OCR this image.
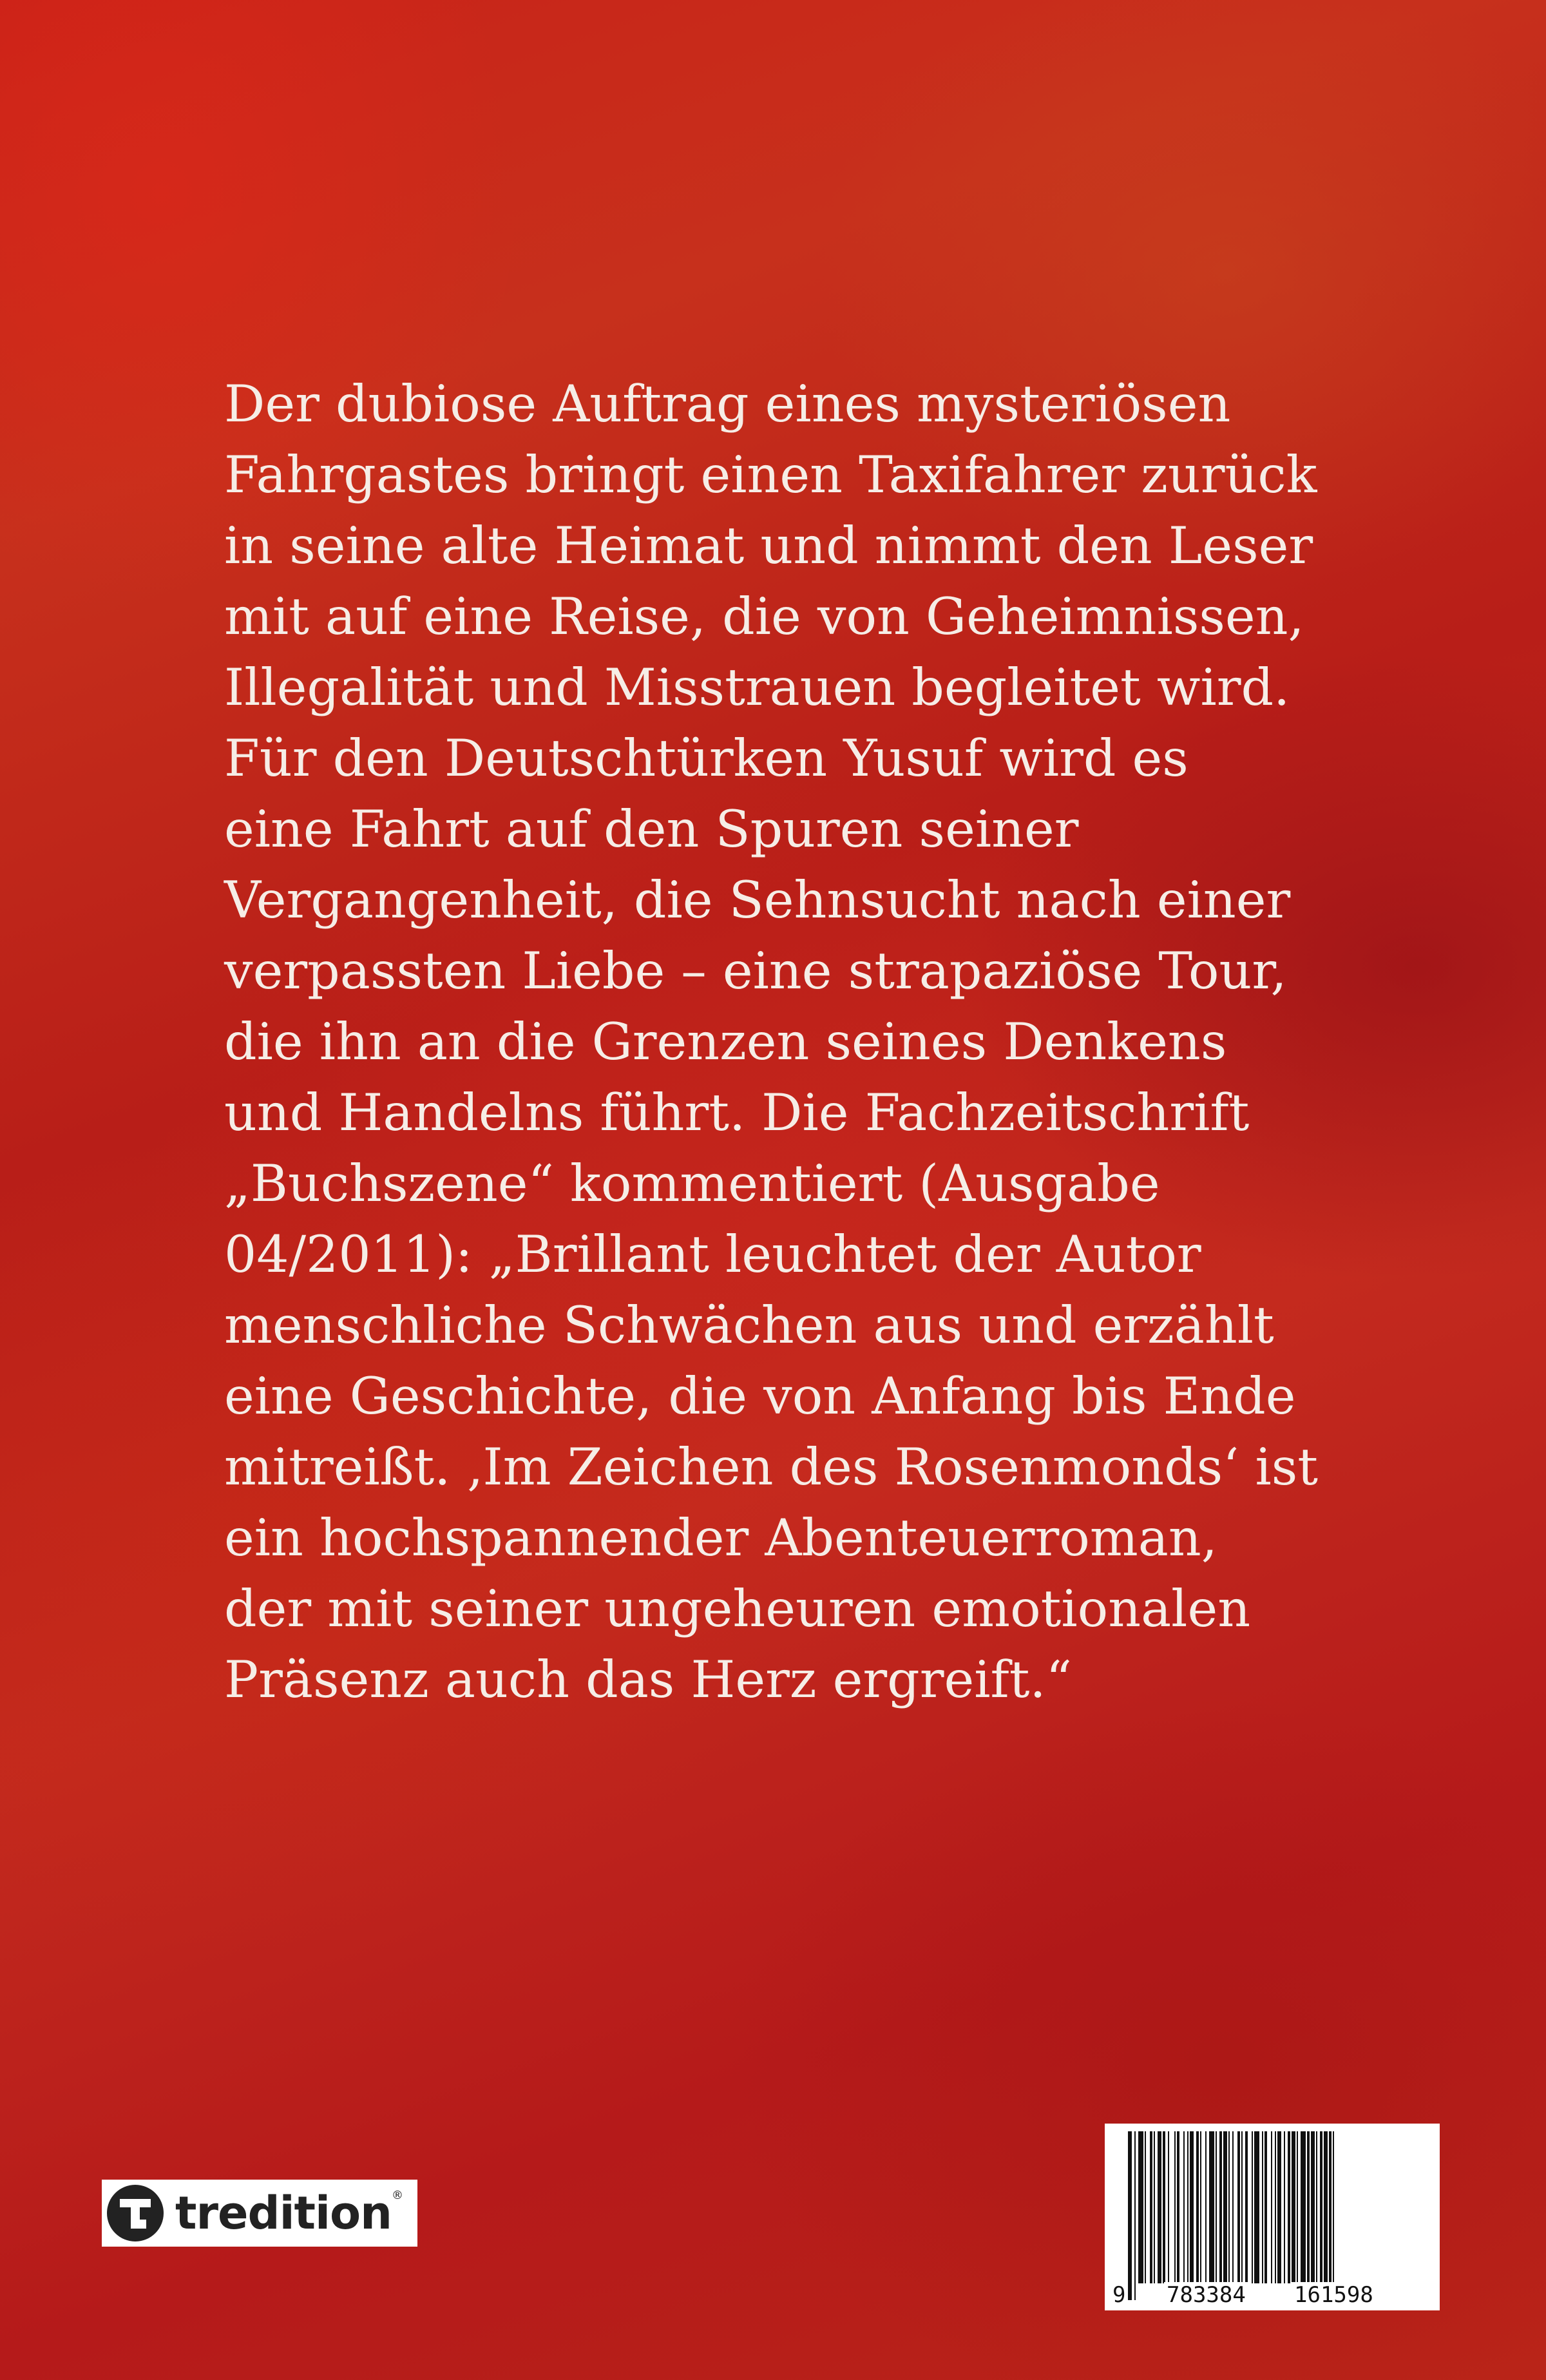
Der dubiose Auftrag eines mysteriösen
Fahrgastes bringt einen Taxifahrer zurück
in seine alte Heimat und nimmt den Leser
mit auf eine Reise, die von Geheimnissen,
Illegalität und Misstrauen begleitet wird.
Für den Deutschtürken Yusuf wird es
eine Fahrt auf den Spuren seiner
Vergangenheit, die Sehnsucht nach einer
verpassten Liebe – eine strapaziöse Tour,
die ihn an die Grenzen seines Denkens
und Handelns führt. Die Fachzeitschrift
„Buchszene“ kommentiert (Ausgabe
04/2011): „Brillant leuchtet der Autor
menschliche Schwächen aus und erzählt
eine Geschichte, die von Anfang bis Ende
mitreißt. ‚Im Zeichen des Rosenmonds‘ ist
ein hochspannender Abenteuerroman,
der mit seiner ungeheuren emotionalen
Präsenz auch das Herz ergreift.“
tredition ®
9 783384 161598
